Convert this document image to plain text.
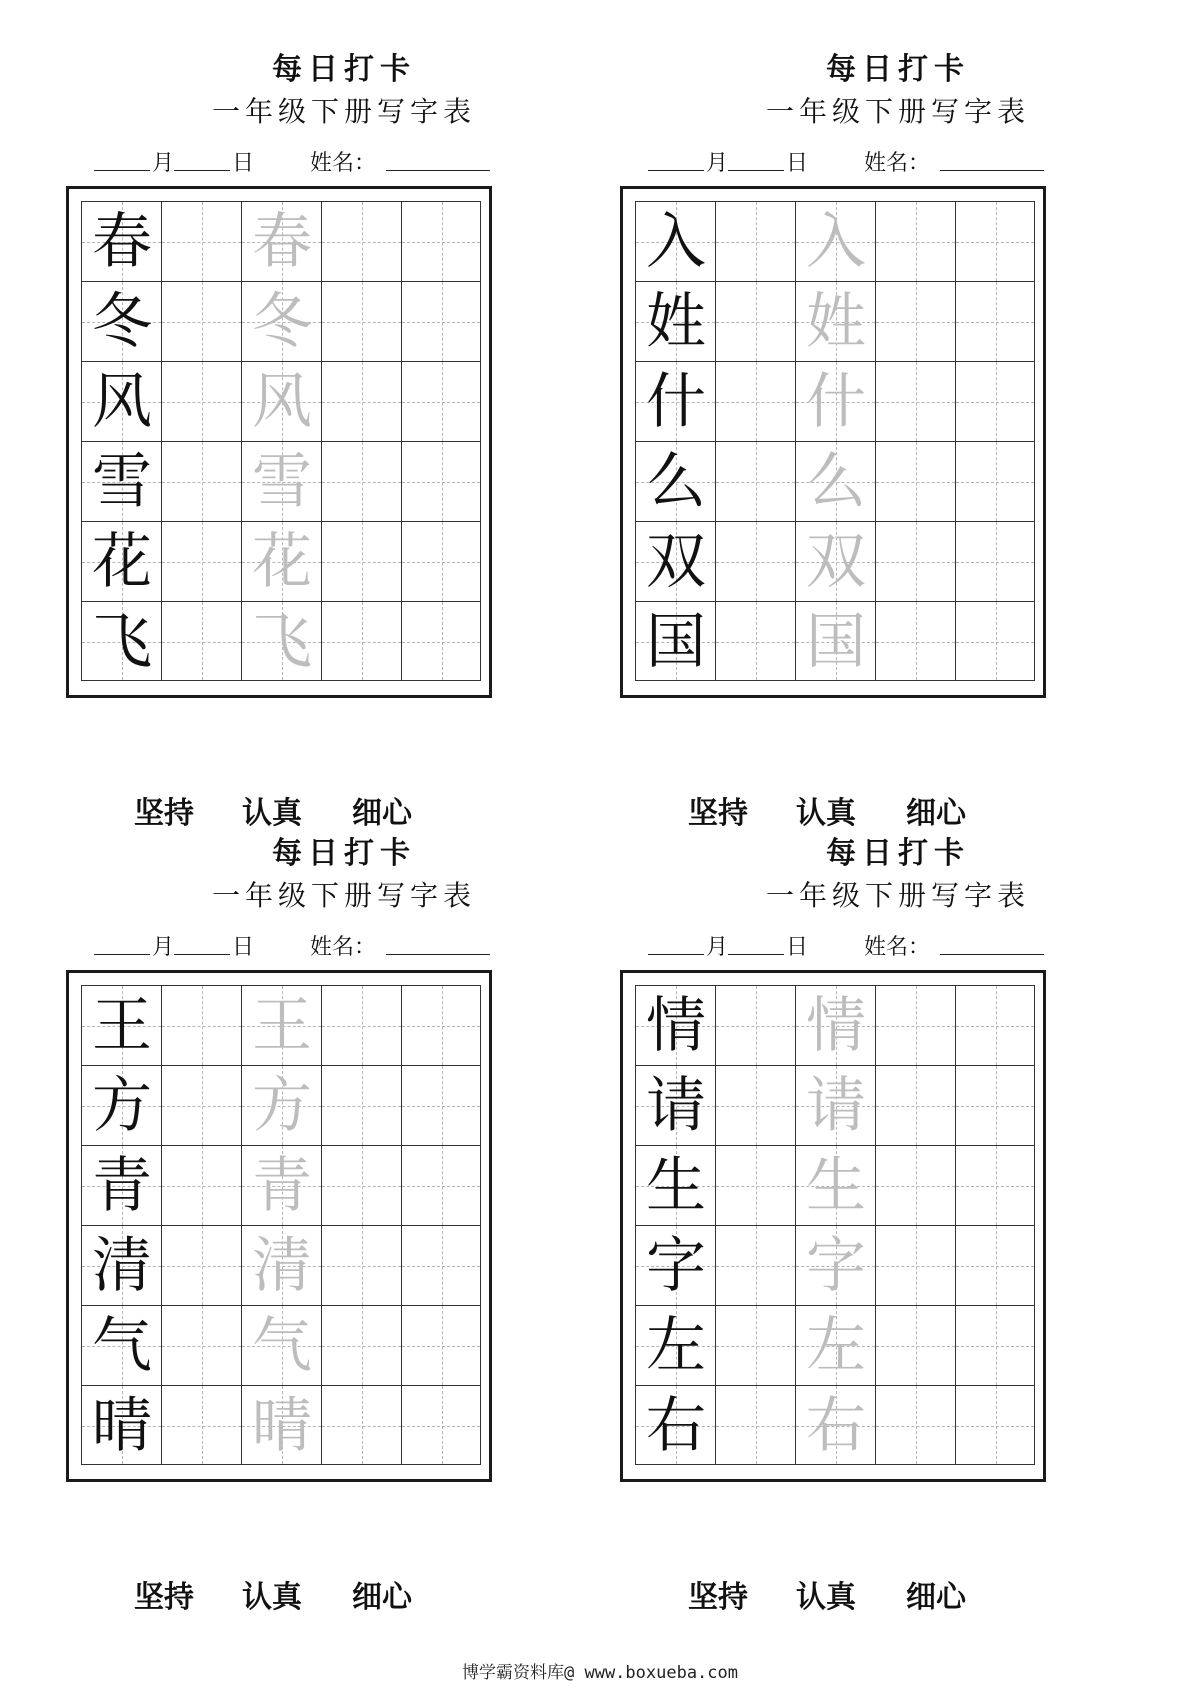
每日打卡
一年级下册写字表
月	日	姓名：
春 春
冬 冬
风 风
雪 雪
花 花
飞 飞
坚持 认真 细心
每日打卡
一年级下册写字表
月	日	姓名：
入 入
姓 姓
什 什
么 么
双 双
国 国
坚持 认真 细心
每日打卡
一年级下册写字表
月	日	姓名：
王 王
方 方
青 青
清 清
气 气
晴 晴
坚持 认真 细心
每日打卡
一年级下册写字表
月	日	姓名：
情 情
请 请
生 生
字 字
左 左
右 右
坚持 认真 细心
博学霸资料库@ www.boxueba.com
